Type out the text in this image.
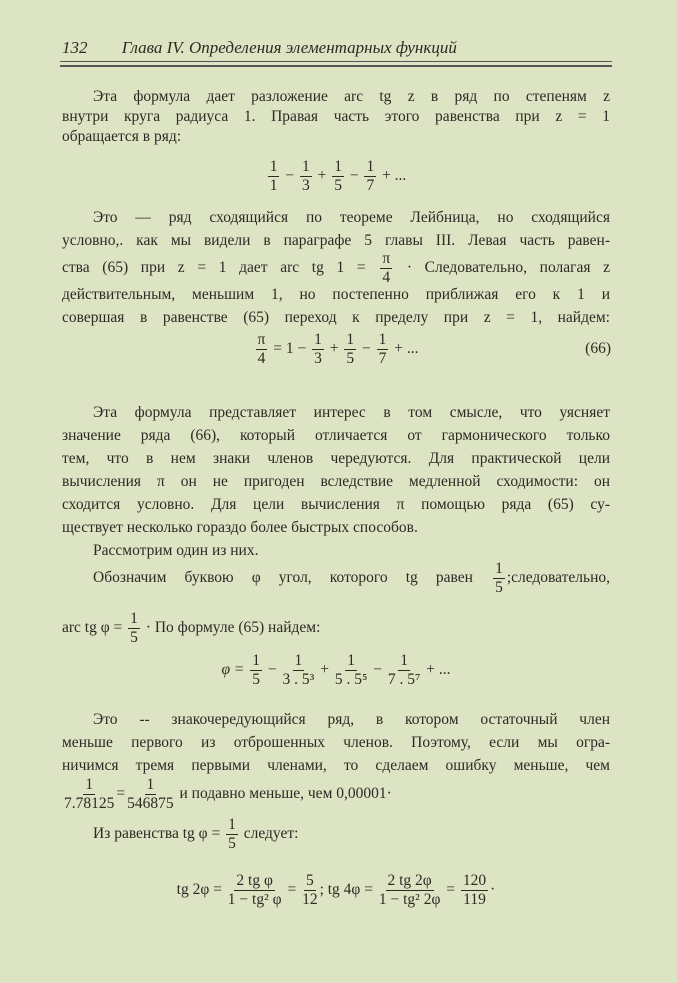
132 Глава IV. Определения элементарных функций
Эта формула дает разложение arc tg z в ряд по степеням z
внутри круга радиуса 1. Правая часть этого равенства при z = 1
обращается в ряд:
$\frac{1}{1} - \frac{1}{3} + \frac{1}{5} - \frac{1}{7}$ + ...
Это — ряд сходящийся по теореме Лейбница, но сходящийся
условно,. как мы видели в параграфе 5 главы III. Левая часть равен-
ства (65) при z = 1 дает arc tg $1 = \frac{\pi}{4}$ · Следовательно, полагая z
действительным, меньшим 1, но постепенно приближая его к 1 и
совершая в равенстве (65) переход к пределу при z = 1, найдем:
$\frac{\pi}{4} = 1 - \frac{1}{3} + \frac{1}{5} - \frac{1}{7}$ + ...	(66)
Эта формула представляет интерес в том смысле, что уясняет
значение ряда (66), который отличается от гармонического только
тем, что в нем знаки членов чередуются. Для практической цели
вычисления π он не пригоден вследствие медленной сходимости: он
сходится условно. Для цели вычисления π помощью ряда (65) су-
ществует несколько гораздо более быстрых способов.
Рассмотрим один из них.
Обозначим буквою φ угол, которого tg равен $\frac{1}{5}$ ;следовательно,
arc tg $\varphi = \frac{1}{5}$ · По формуле (65) найдем:
$\varphi = \frac{1}{5} - \frac{1}{\text{3 . 5³}} + \frac{1}{\text{5 . 5⁵}} - \frac{1}{\text{7 . 5⁷}}$ + ...
Это -- знакочередующийся ряд, в котором остаточный член
меньше первого из отброшенных членов. Поэтому, если мы огра-
ничимся тремя первыми членами, то сделаем ошибку меньше, чем
$\frac{1}{7.78125} = \frac{1}{546875}$ и подавно меньше, чем 0,00001·
Из равенства tg $\varphi = \frac{1}{5}$ следует:
tg $2\varphi = \frac{\text{2 tg φ}}{\text{1 − tg² φ}} = \frac{5}{12}$ ; tg $4\varphi = \frac{2 tg 2\varphi}{\text{1 − tg² 2φ}} = \frac{120}{119}$ ·
